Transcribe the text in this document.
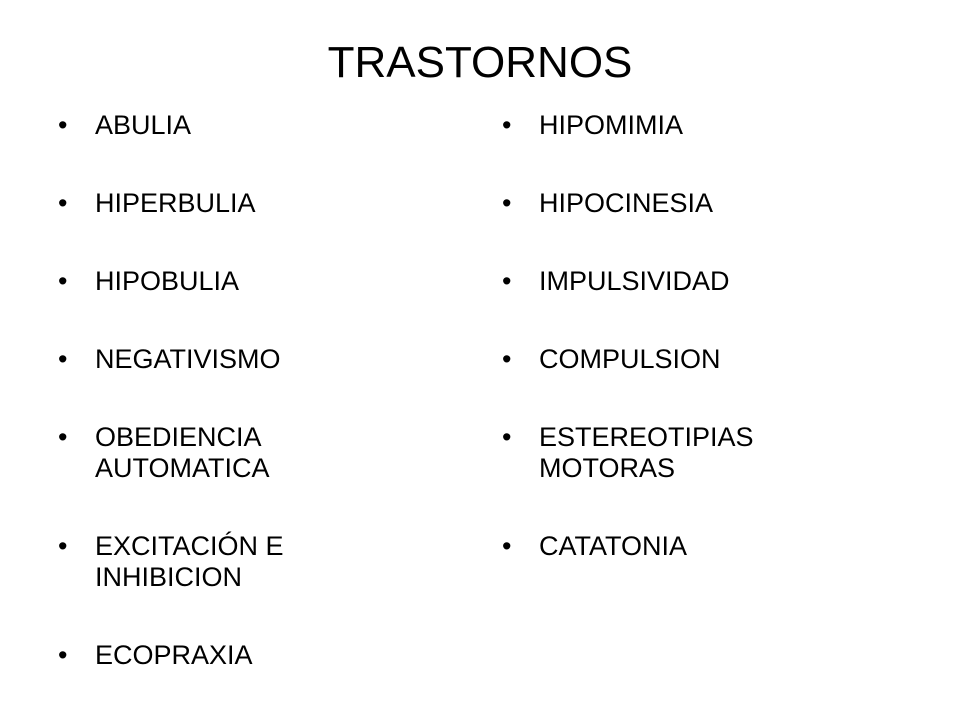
TRASTORNOS
• ABULIA
• HIPERBULIA
• HIPOBULIA
• NEGATIVISMO
• OBEDIENCIA
AUTOMATICA
• EXCITACIÓN E
INHIBICION
• ECOPRAXIA
• HIPOMIMIA
• HIPOCINESIA
• IMPULSIVIDAD
• COMPULSION
• ESTEREOTIPIAS
MOTORAS
• CATATONIA
